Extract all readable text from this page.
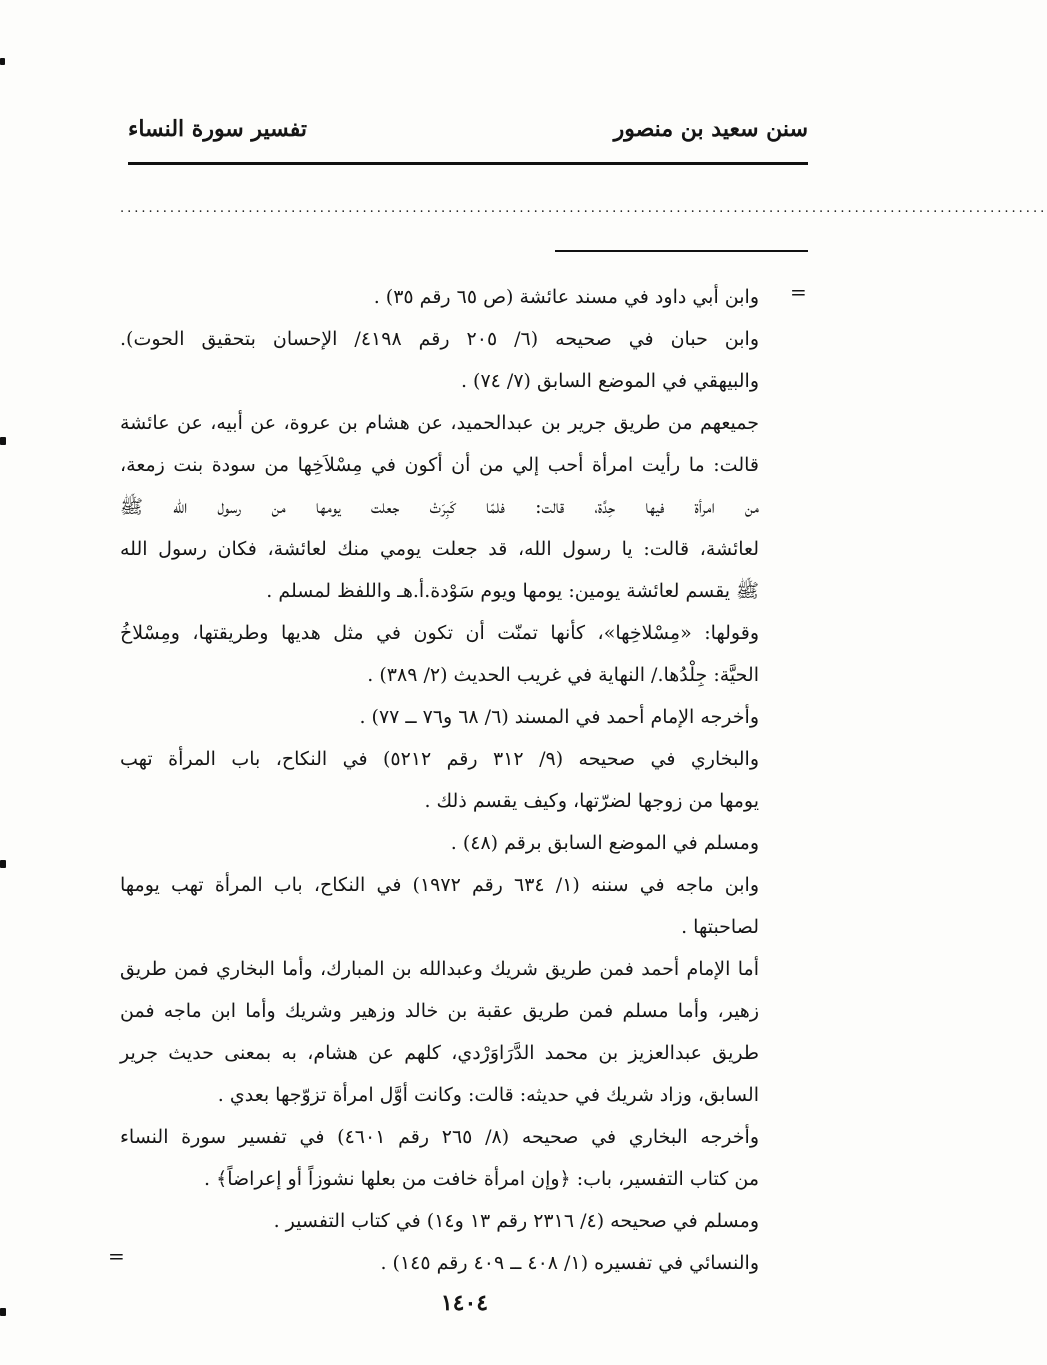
سنن سعيد بن منصور
تفسير سورة النساء
..................................................................................................................................
=
=
وابن أبي داود في مسند عائشة (ص ٦٥ رقم ٣٥) .
وابن حبان في صحيحه (٦/ ٢٠٥ رقم ٤١٩٨/ الإحسان بتحقيق الحوت).
والبيهقي في الموضع السابق (٧/ ٧٤) .
جميعهم من طريق جرير بن عبدالحميد، عن هشام بن عروة، عن أبيه، عن عائشة
قالت: ما رأيت امرأة أحب إلي من أن أكون في مِسْلاَخِها من سودة بنت زمعة،
من امرأة فيها حِدَّة، قالت: فلمّا كَبِرَتْ جعلت يومها من رسول الله ﷺ
لعائشة، قالت: يا رسول الله، قد جعلت يومي منك لعائشة، فكان رسول الله
ﷺ يقسم لعائشة يومين: يومها ويوم سَوْدة.أ.هـ واللفظ لمسلم .
وقولها: «مِسْلاخِها»، كأنها تمنّت أن تكون في مثل هديها وطريقتها، ومِسْلاخُ
الحيَّة: جِلْدُها./ النهاية في غريب الحديث (٢/ ٣٨٩) .
وأخرجه الإمام أحمد في المسند (٦/ ٦٨ و٧٦ ــ ٧٧) .
والبخاري في صحيحه (٩/ ٣١٢ رقم ٥٢١٢) في النكاح، باب المرأة تهب
يومها من زوجها لضرّتها، وكيف يقسم ذلك .
ومسلم في الموضع السابق برقم (٤٨) .
وابن ماجه في سننه (١/ ٦٣٤ رقم ١٩٧٢) في النكاح، باب المرأة تهب يومها
لصاحبتها .
أما الإمام أحمد فمن طريق شريك وعبدالله بن المبارك، وأما البخاري فمن طريق
زهير، وأما مسلم فمن طريق عقبة بن خالد وزهير وشريك وأما ابن ماجه فمن
طريق عبدالعزيز بن محمد الدَّرَاوَرْدي، كلهم عن هشام، به بمعنى حديث جرير
السابق، وزاد شريك في حديثه: قالت: وكانت أوَّل امرأة تزوّجها بعدي .
وأخرجه البخاري في صحيحه (٨/ ٢٦٥ رقم ٤٦٠١) في تفسير سورة النساء
من كتاب التفسير، باب: ﴿وإن امرأة خافت من بعلها نشوزاً أو إعراضاً﴾ .
ومسلم في صحيحه (٤/ ٢٣١٦ رقم ١٣ و١٤) في كتاب التفسير .
والنسائي في تفسيره (١/ ٤٠٨ ــ ٤٠٩ رقم ١٤٥) .
١٤٠٤
